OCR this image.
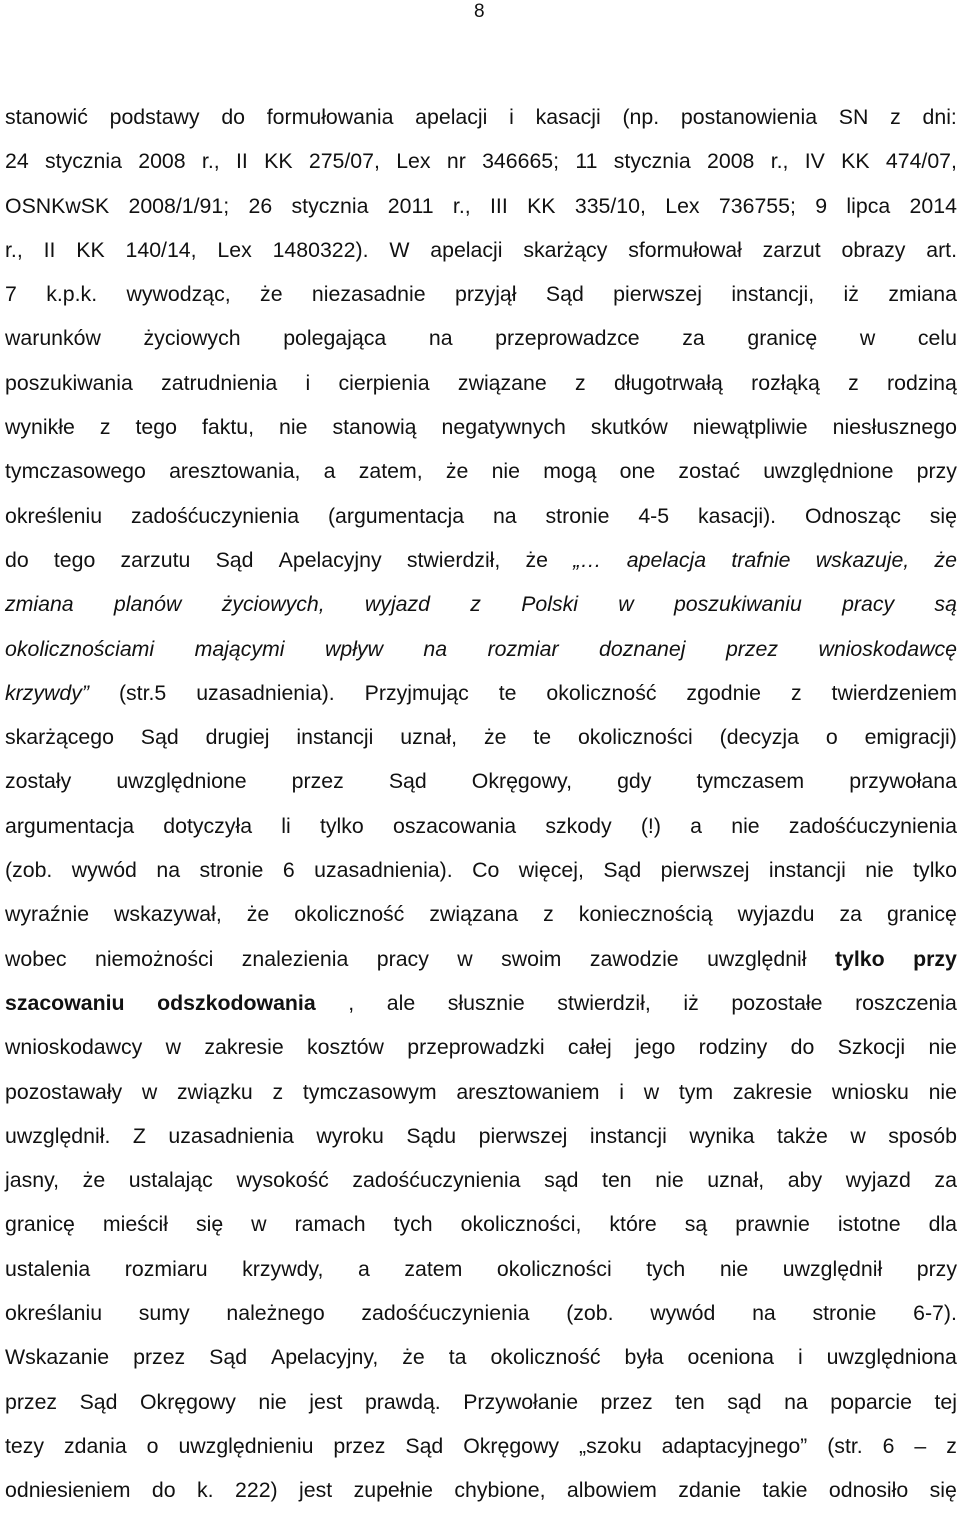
8
stanowić podstawy do formułowania apelacji i kasacji (np. postanowienia SN z dni:
24 stycznia 2008 r., II KK 275/07, Lex nr 346665; 11 stycznia 2008 r., IV KK 474/07,
OSNKwSK 2008/1/91; 26 stycznia 2011 r., III KK 335/10, Lex 736755; 9 lipca 2014
r., II KK 140/14, Lex 1480322). W apelacji skarżący sformułował zarzut obrazy art.
7 k.p.k. wywodząc, że niezasadnie przyjął Sąd pierwszej instancji, iż zmiana
warunków życiowych polegająca na przeprowadzce za granicę w celu
poszukiwania zatrudnienia i cierpienia związane z długotrwałą rozłąką z rodziną
wynikłe z tego faktu, nie stanowią negatywnych skutków niewątpliwie niesłusznego
tymczasowego aresztowania, a zatem, że nie mogą one zostać uwzględnione przy
określeniu zadośćuczynienia (argumentacja na stronie 4-5 kasacji). Odnosząc się
do tego zarzutu Sąd Apelacyjny stwierdził, że „… apelacja trafnie wskazuje, że
zmiana planów życiowych, wyjazd z Polski w poszukiwaniu pracy są
okolicznościami mającymi wpływ na rozmiar doznanej przez wnioskodawcę
krzywdy” (str.5 uzasadnienia). Przyjmując te okoliczność zgodnie z twierdzeniem
skarżącego Sąd drugiej instancji uznał, że te okoliczności (decyzja o emigracji)
zostały uwzględnione przez Sąd Okręgowy, gdy tymczasem przywołana
argumentacja dotyczyła li tylko oszacowania szkody (!) a nie zadośćuczynienia
(zob. wywód na stronie 6 uzasadnienia). Co więcej, Sąd pierwszej instancji nie tylko
wyraźnie wskazywał, że okoliczność związana z koniecznością wyjazdu za granicę
wobec niemożności znalezienia pracy w swoim zawodzie uwzględnił tylko przy
szacowaniu odszkodowania , ale słusznie stwierdził, iż pozostałe roszczenia
wnioskodawcy w zakresie kosztów przeprowadzki całej jego rodziny do Szkocji nie
pozostawały w związku z tymczasowym aresztowaniem i w tym zakresie wniosku nie
uwzględnił. Z uzasadnienia wyroku Sądu pierwszej instancji wynika także w sposób
jasny, że ustalając wysokość zadośćuczynienia sąd ten nie uznał, aby wyjazd za
granicę mieścił się w ramach tych okoliczności, które są prawnie istotne dla
ustalenia rozmiaru krzywdy, a zatem okoliczności tych nie uwzględnił przy
określaniu sumy należnego zadośćuczynienia (zob. wywód na stronie 6-7).
Wskazanie przez Sąd Apelacyjny, że ta okoliczność była oceniona i uwzględniona
przez Sąd Okręgowy nie jest prawdą. Przywołanie przez ten sąd na poparcie tej
tezy zdania o uwzględnieniu przez Sąd Okręgowy „szoku adaptacyjnego” (str. 6 – z
odniesieniem do k. 222) jest zupełnie chybione, albowiem zdanie takie odnosiło się
